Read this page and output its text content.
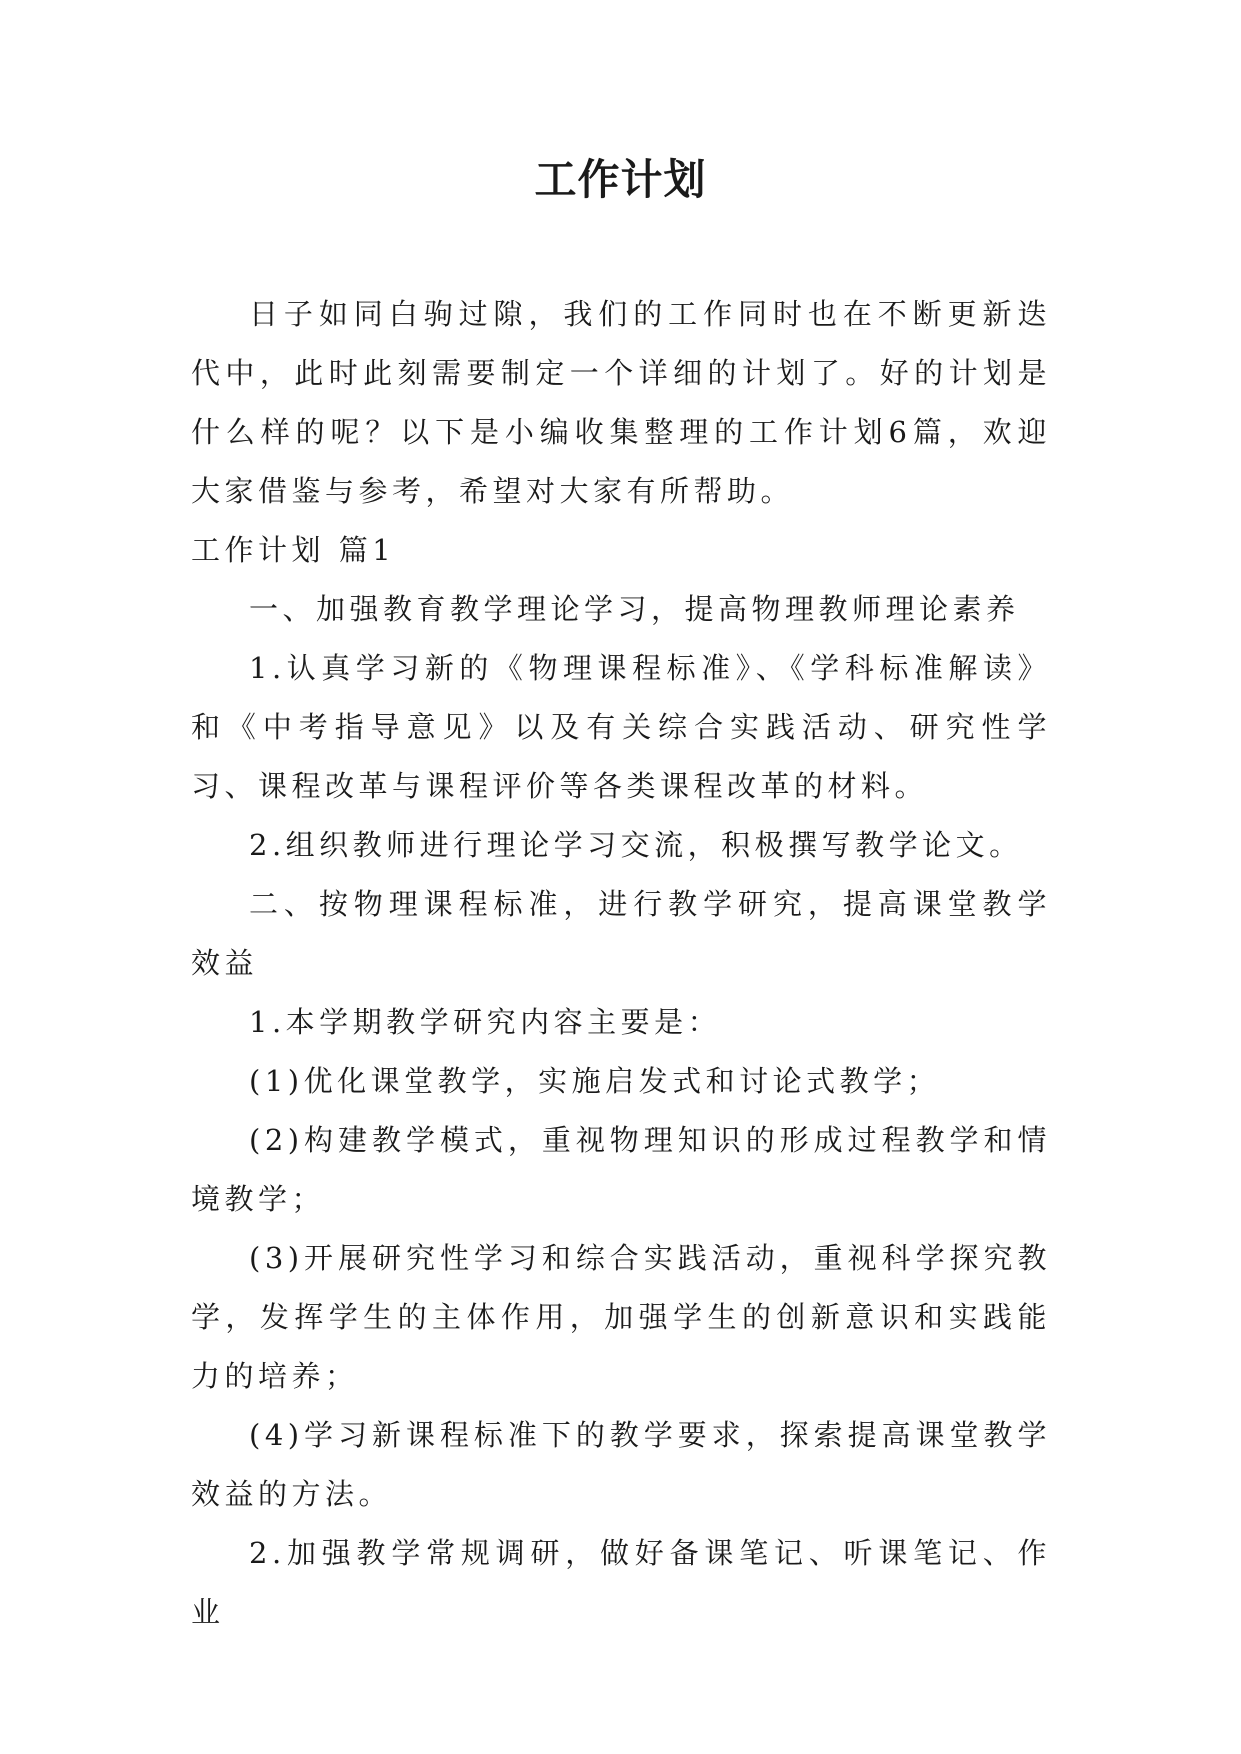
工作计划

日子如同白驹过隙，我们的工作同时也在不断更新迭代中，此时此刻需要制定一个详细的计划了。好的计划是什么样的呢？以下是小编收集整理的工作计划6篇，欢迎大家借鉴与参考，希望对大家有所帮助。

工作计划 篇1

一、加强教育教学理论学习，提高物理教师理论素养

1.认真学习新的《物理课程标准》、《学科标准解读》和《中考指导意见》以及有关综合实践活动、研究性学习、课程改革与课程评价等各类课程改革的材料。

2.组织教师进行理论学习交流，积极撰写教学论文。

二、按物理课程标准，进行教学研究，提高课堂教学效益

1.本学期教学研究内容主要是：

(1)优化课堂教学，实施启发式和讨论式教学；

(2)构建教学模式，重视物理知识的形成过程教学和情境教学；

(3)开展研究性学习和综合实践活动，重视科学探究教学，发挥学生的主体作用，加强学生的创新意识和实践能力的培养；

(4)学习新课程标准下的教学要求，探索提高课堂教学效益的方法。

2.加强教学常规调研，做好备课笔记、听课笔记、作业
